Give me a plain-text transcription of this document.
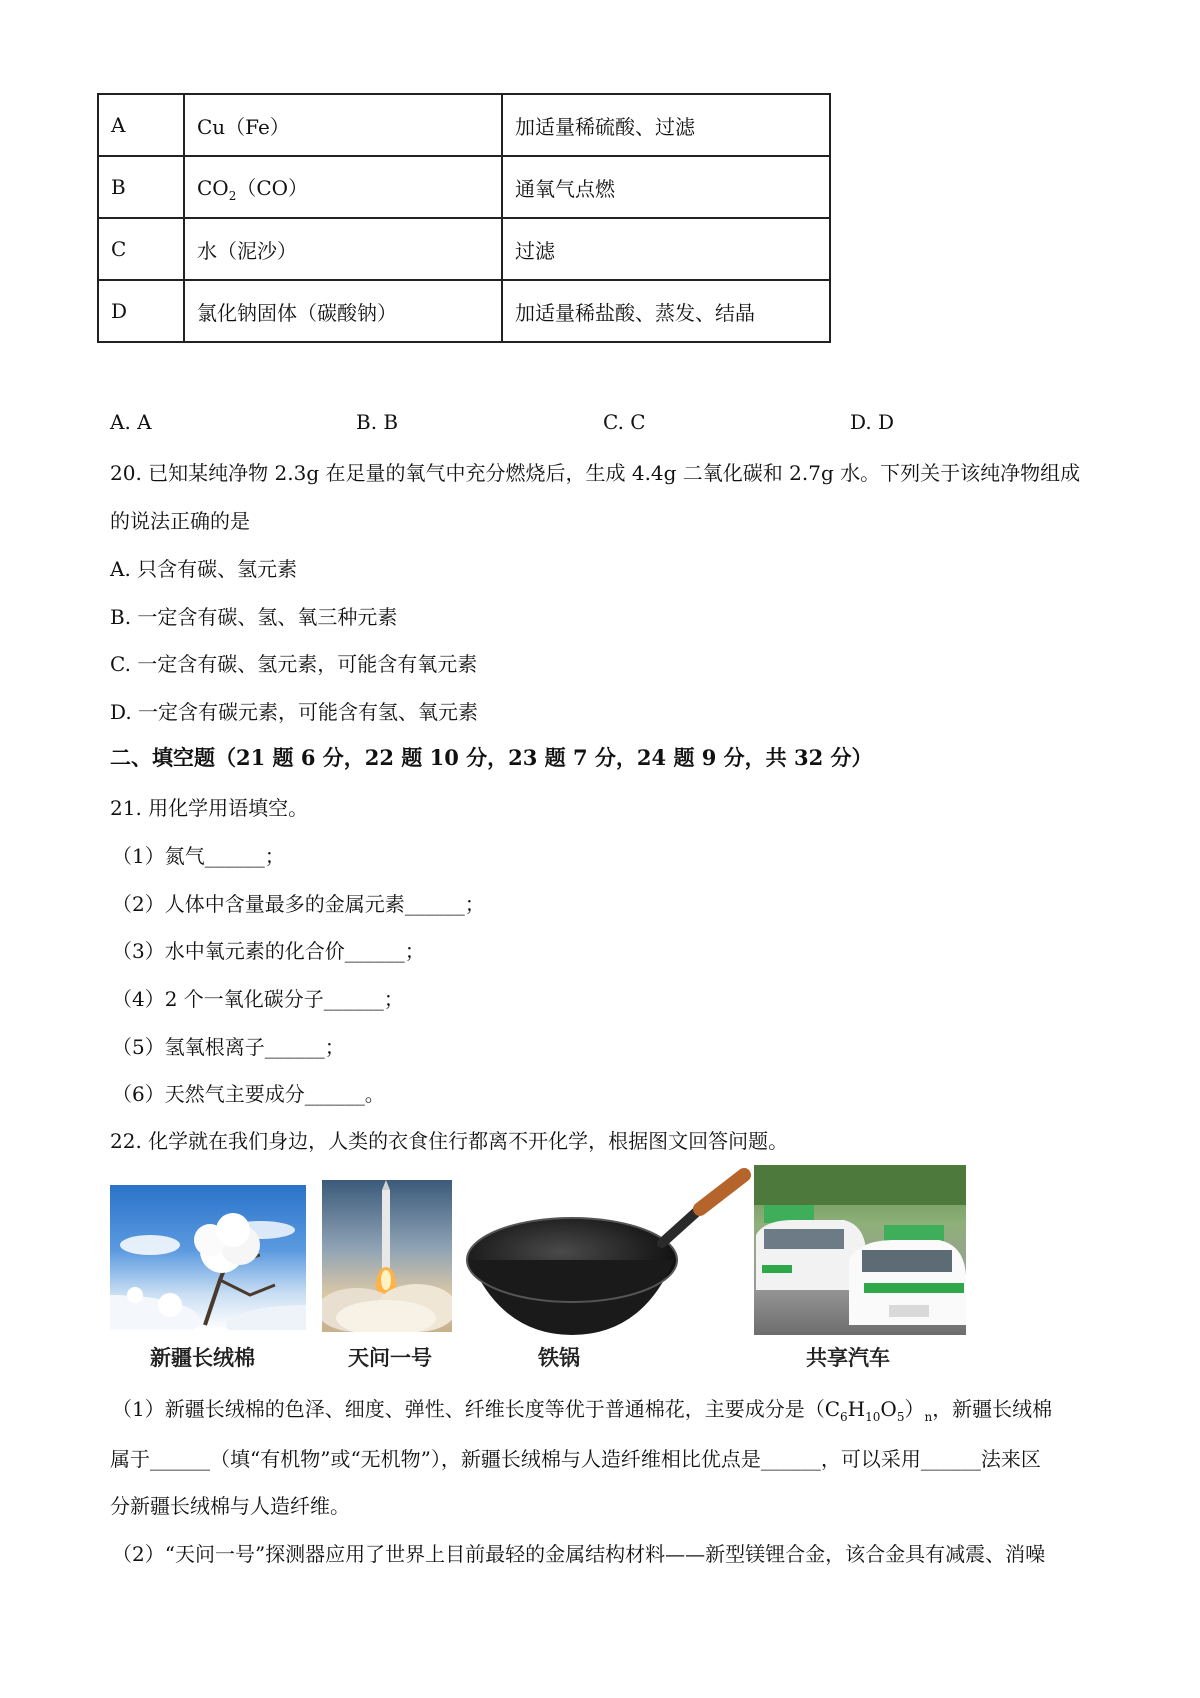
A	Cu（Fe）	加适量稀硫酸、过滤
B	$CO_2(CO)$	通氧气点燃
C	水（泥沙）	过滤
D	氯化钠固体（碳酸钠）	加适量稀盐酸、蒸发、结晶
A. A	B. B	C. C	D. D
20. 已知某纯净物 2.3g 在足量的氧气中充分燃烧后，生成 4.4g 二氧化碳和 2.7g 水。下列关于该纯净物组成
的说法正确的是
A. 只含有碳、氢元素
B. 一定含有碳、氢、氧三种元素
C. 一定含有碳、氢元素，可能含有氧元素
D. 一定含有碳元素，可能含有氢、氧元素
二、填空题（21 题 6 分，22 题 10 分，23 题 7 分，24 题 9 分，共 32 分）
21. 用化学用语填空。
（1）氮气______；
（2）人体中含量最多的金属元素______；
（3）水中氧元素的化合价______；
（4）2 个一氧化碳分子______；
（5）氢氧根离子______；
（6）天然气主要成分______。
22. 化学就在我们身边，人类的衣食住行都离不开化学，根据图文回答问题。
新疆长绒棉	天问一号	铁锅	共享汽车
（1）新疆长绒棉的色泽、细度、弹性、纤维长度等优于普通棉花，主要成分是$(C_6H_{10}O_5)_n$，新疆长绒棉
属于______（填“有机物”或“无机物”），新疆长绒棉与人造纤维相比优点是______，可以采用______法来区
分新疆长绒棉与人造纤维。
（2）“天问一号”探测器应用了世界上目前最轻的金属结构材料——新型镁锂合金，该合金具有减震、消噪
